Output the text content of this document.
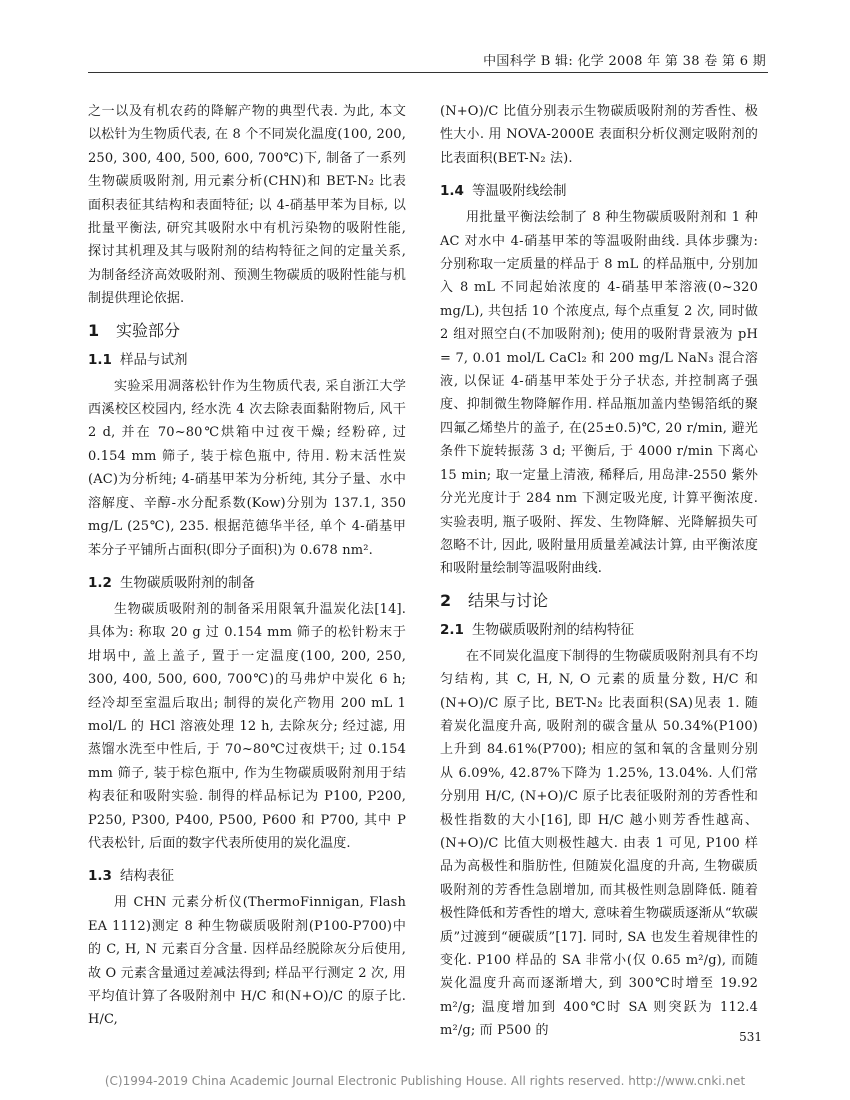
中国科学 B 辑: 化学 2008 年 第 38 卷 第 6 期

之一以及有机农药的降解产物的典型代表. 为此, 本文以松针为生物质代表, 在 8 个不同炭化温度(100, 200, 250, 300, 400, 500, 600, 700℃)下, 制备了一系列生物碳质吸附剂, 用元素分析(CHN)和 BET-N₂ 比表面积表征其结构和表面特征; 以 4-硝基甲苯为目标, 以批量平衡法, 研究其吸附水中有机污染物的吸附性能, 探讨其机理及其与吸附剂的结构特征之间的定量关系, 为制备经济高效吸附剂、预测生物碳质的吸附性能与机制提供理论依据.

1 实验部分
1.1 样品与试剂

实验采用凋落松针作为生物质代表, 采自浙江大学西溪校区校园内, 经水洗 4 次去除表面黏附物后, 风干 2 d, 并在 70~80℃烘箱中过夜干燥; 经粉碎, 过 0.154 mm 筛子, 装于棕色瓶中, 待用. 粉末活性炭(AC)为分析纯; 4-硝基甲苯为分析纯, 其分子量、水中溶解度、辛醇-水分配系数(Kow)分别为 137.1, 350 mg/L (25℃), 235. 根据范德华半径, 单个 4-硝基甲苯分子平铺所占面积(即分子面积)为 0.678 nm².

1.2 生物碳质吸附剂的制备

生物碳质吸附剂的制备采用限氧升温炭化法[14]. 具体为: 称取 20 g 过 0.154 mm 筛子的松针粉末于坩埚中, 盖上盖子, 置于一定温度(100, 200, 250, 300, 400, 500, 600, 700℃)的马弗炉中炭化 6 h; 经冷却至室温后取出; 制得的炭化产物用 200 mL 1 mol/L 的 HCl 溶液处理 12 h, 去除灰分; 经过滤, 用蒸馏水洗至中性后, 于 70~80℃过夜烘干; 过 0.154 mm 筛子, 装于棕色瓶中, 作为生物碳质吸附剂用于结构表征和吸附实验. 制得的样品标记为 P100, P200, P250, P300, P400, P500, P600 和 P700, 其中 P 代表松针, 后面的数字代表所使用的炭化温度.

1.3 结构表征

用 CHN 元素分析仪(ThermoFinnigan, Flash EA 1112)测定 8 种生物碳质吸附剂(P100-P700)中的 C, H, N 元素百分含量. 因样品经脱除灰分后使用, 故 O 元素含量通过差减法得到; 样品平行测定 2 次, 用平均值计算了各吸附剂中 H/C 和(N+O)/C 的原子比. H/C,

(N+O)/C 比值分别表示生物碳质吸附剂的芳香性、极性大小. 用 NOVA-2000E 表面积分析仪测定吸附剂的比表面积(BET-N₂ 法).

1.4 等温吸附线绘制

用批量平衡法绘制了 8 种生物碳质吸附剂和 1 种 AC 对水中 4-硝基甲苯的等温吸附曲线. 具体步骤为: 分别称取一定质量的样品于 8 mL 的样品瓶中, 分别加入 8 mL 不同起始浓度的 4-硝基甲苯溶液(0~320 mg/L), 共包括 10 个浓度点, 每个点重复 2 次, 同时做 2 组对照空白(不加吸附剂); 使用的吸附背景液为 pH = 7, 0.01 mol/L CaCl₂ 和 200 mg/L NaN₃ 混合溶液, 以保证 4-硝基甲苯处于分子状态, 并控制离子强度、抑制微生物降解作用. 样品瓶加盖内垫锡箔纸的聚四氟乙烯垫片的盖子, 在(25±0.5)℃, 20 r/min, 避光条件下旋转振荡 3 d; 平衡后, 于 4000 r/min 下离心 15 min; 取一定量上清液, 稀释后, 用岛津-2550 紫外分光光度计于 284 nm 下测定吸光度, 计算平衡浓度. 实验表明, 瓶子吸附、挥发、生物降解、光降解损失可忽略不计, 因此, 吸附量用质量差减法计算, 由平衡浓度和吸附量绘制等温吸附曲线.

2 结果与讨论
2.1 生物碳质吸附剂的结构特征

在不同炭化温度下制得的生物碳质吸附剂具有不均匀结构, 其 C, H, N, O 元素的质量分数, H/C 和(N+O)/C 原子比, BET-N₂ 比表面积(SA)见表 1. 随着炭化温度升高, 吸附剂的碳含量从 50.34%(P100)上升到 84.61%(P700); 相应的氢和氧的含量则分别从 6.09%, 42.87%下降为 1.25%, 13.04%. 人们常分别用 H/C, (N+O)/C 原子比表征吸附剂的芳香性和极性指数的大小[16], 即 H/C 越小则芳香性越高、(N+O)/C 比值大则极性越大. 由表 1 可见, P100 样品为高极性和脂肪性, 但随炭化温度的升高, 生物碳质吸附剂的芳香性急剧增加, 而其极性则急剧降低. 随着极性降低和芳香性的增大, 意味着生物碳质逐渐从“软碳质”过渡到“硬碳质”[17]. 同时, SA 也发生着规律性的变化. P100 样品的 SA 非常小(仅 0.65 m²/g), 而随炭化温度升高而逐渐增大, 到 300℃时增至 19.92 m²/g; 温度增加到 400℃时 SA 则突跃为 112.4 m²/g; 而 P500 的	531
(C)1994-2019 China Academic Journal Electronic Publishing House. All rights reserved. http://www.cnki.net
